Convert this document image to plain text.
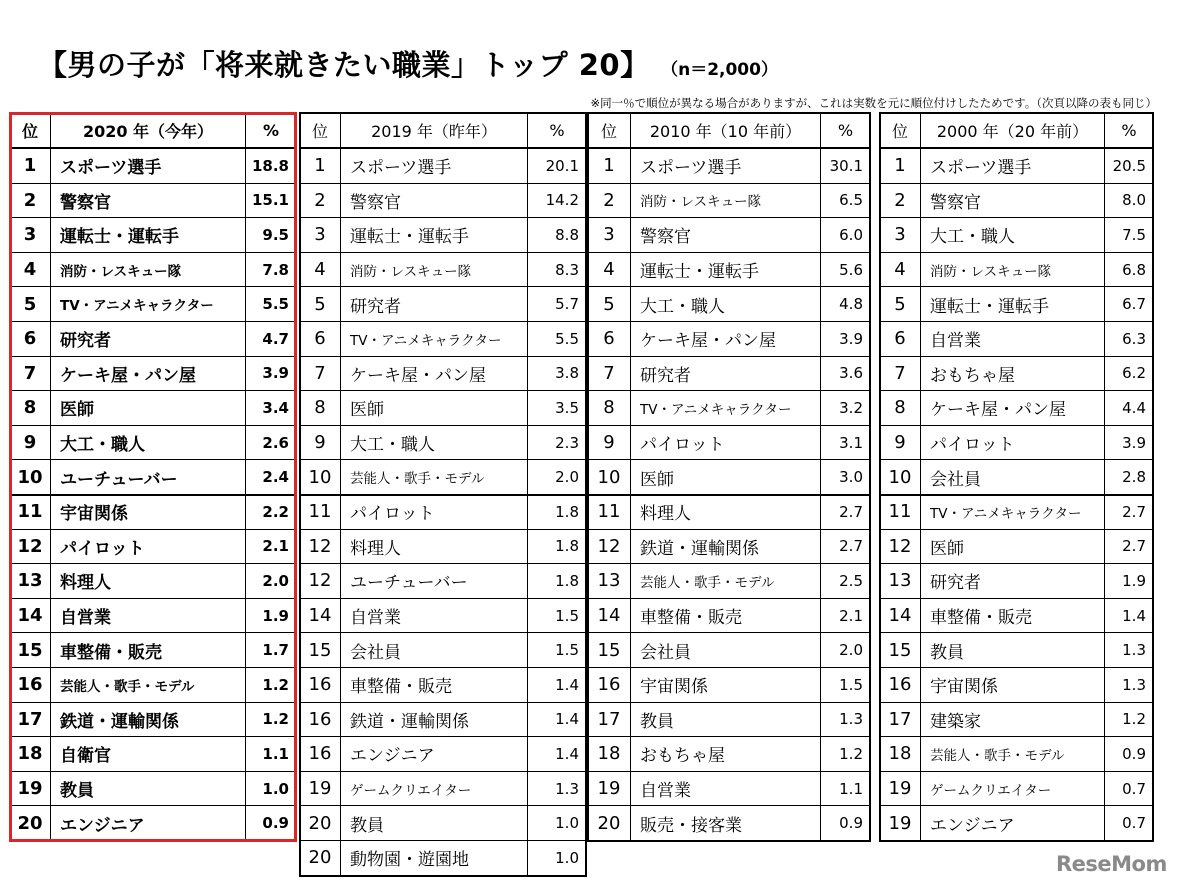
【男の子が「将来就きたい職業」トップ 20】 （n＝2,000）
※同一％で順位が異なる場合がありますが、これは実数を元に順位付けしたためです。（次頁以降の表も同じ）
位	2020 年（今年）	%
1	スポーツ選手	18.8
2	警察官	15.1
3	運転士・運転手	9.5
4	消防・レスキュー隊	7.8
5	TV・アニメキャラクター	5.5
6	研究者	4.7
7	ケーキ屋・パン屋	3.9
8	医師	3.4
9	大工・職人	2.6
10	ユーチューバー	2.4
11	宇宙関係	2.2
12	パイロット	2.1
13	料理人	2.0
14	自営業	1.9
15	車整備・販売	1.7
16	芸能人・歌手・モデル	1.2
17	鉄道・運輸関係	1.2
18	自衛官	1.1
19	教員	1.0
20	エンジニア	0.9
位	2019 年（昨年）	%
1	スポーツ選手	20.1
2	警察官	14.2
3	運転士・運転手	8.8
4	消防・レスキュー隊	8.3
5	研究者	5.7
6	TV・アニメキャラクター	5.5
7	ケーキ屋・パン屋	3.8
8	医師	3.5
9	大工・職人	2.3
10	芸能人・歌手・モデル	2.0
11	パイロット	1.8
12	料理人	1.8
12	ユーチューバー	1.8
14	自営業	1.5
15	会社員	1.5
16	車整備・販売	1.4
16	鉄道・運輸関係	1.4
16	エンジニア	1.4
19	ゲームクリエイター	1.3
20	教員	1.0
20	動物園・遊園地	1.0
位	2010 年（10 年前）	%
1	スポーツ選手	30.1
2	消防・レスキュー隊	6.5
3	警察官	6.0
4	運転士・運転手	5.6
5	大工・職人	4.8
6	ケーキ屋・パン屋	3.9
7	研究者	3.6
8	TV・アニメキャラクター	3.2
9	パイロット	3.1
10	医師	3.0
11	料理人	2.7
12	鉄道・運輸関係	2.7
13	芸能人・歌手・モデル	2.5
14	車整備・販売	2.1
15	会社員	2.0
16	宇宙関係	1.5
17	教員	1.3
18	おもちゃ屋	1.2
19	自営業	1.1
20	販売・接客業	0.9
位	2000 年（20 年前）	%
1	スポーツ選手	20.5
2	警察官	8.0
3	大工・職人	7.5
4	消防・レスキュー隊	6.8
5	運転士・運転手	6.7
6	自営業	6.3
7	おもちゃ屋	6.2
8	ケーキ屋・パン屋	4.4
9	パイロット	3.9
10	会社員	2.8
11	TV・アニメキャラクター	2.7
12	医師	2.7
13	研究者	1.9
14	車整備・販売	1.4
15	教員	1.3
16	宇宙関係	1.3
17	建築家	1.2
18	芸能人・歌手・モデル	0.9
19	ゲームクリエイター	0.7
19	エンジニア	0.7
ReseMom
